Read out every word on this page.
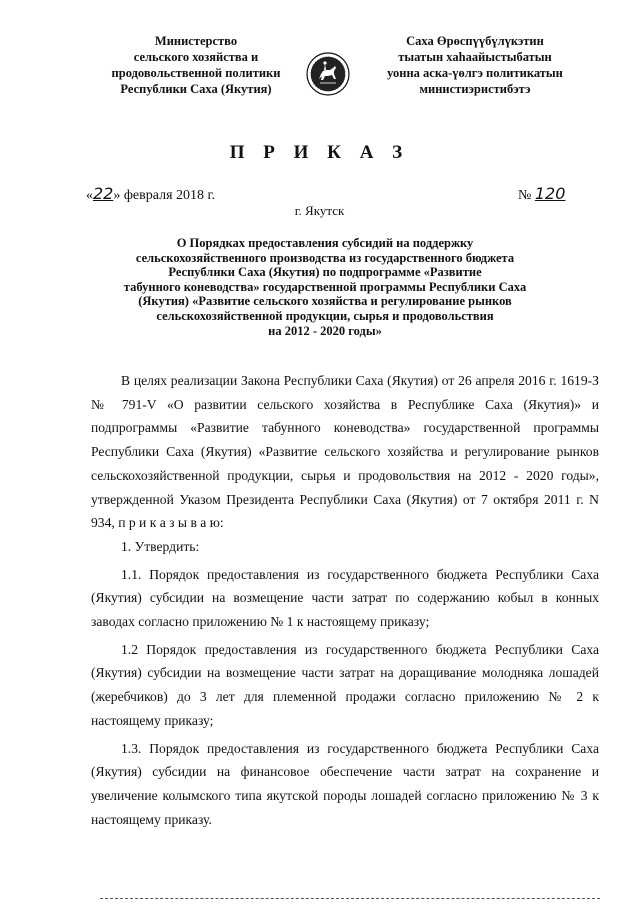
Министерство
сельского хозяйства и
продовольственной политики
Республики Саха (Якутия)
Саха Өрөспүүбүлүкэтин
тыатын хаhаайыстыбатын
уонна аска-үөлгэ политикатын
министиэристибэтэ
П Р И К А З
«22» февраля 2018 г.	№ 120
г. Якутск
О Порядках предоставления субсидий на поддержку
сельскохозяйственного производства из государственного бюджета
Республики Саха (Якутия) по подпрограмме «Развитие
табунного коневодства» государственной программы Республики Саха
(Якутия) «Развитие сельского хозяйства и регулирование рынков
сельскохозяйственной продукции, сырья и продовольствия
на 2012 - 2020 годы»

В целях реализации Закона Республики Саха (Якутия) от 26 апреля 2016 г. 1619-З № 791-V «О развитии сельского хозяйства в Республике Саха (Якутия)» и подпрограммы «Развитие табунного коневодства» государственной программы Республики Саха (Якутия) «Развитие сельского хозяйства и регулирование рынков сельскохозяйственной продукции, сырья и продовольствия на 2012 - 2020 годы», утвержденной Указом Президента Республики Саха (Якутия) от 7 октября 2011 г. N 934, п р и к а з ы в а ю:

1. Утвердить:

1.1. Порядок предоставления из государственного бюджета Республики Саха (Якутия) субсидии на возмещение части затрат по содержанию кобыл в конных заводах согласно приложению № 1 к настоящему приказу;

1.2 Порядок предоставления из государственного бюджета Республики Саха (Якутия) субсидии на возмещение части затрат на доращивание молодняка лошадей (жеребчиков) до 3 лет для племенной продажи согласно приложению № 2 к настоящему приказу;

1.3. Порядок предоставления из государственного бюджета Республики Саха (Якутия) субсидии на финансовое обеспечение части затрат на сохранение и увеличение колымского типа якутской породы лошадей согласно приложению № 3 к настоящему приказу.
